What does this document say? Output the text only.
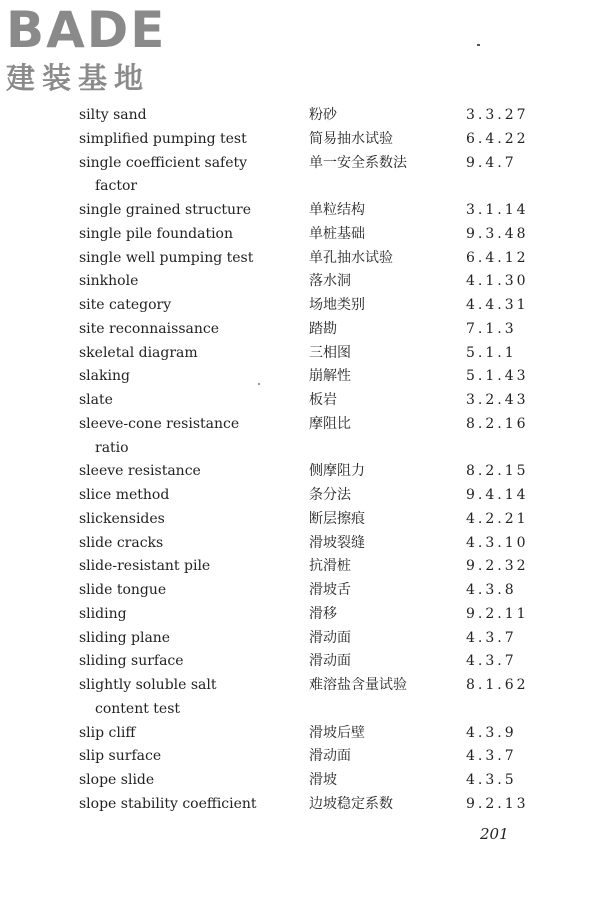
BADE
建装基地
silty sand	粉砂	3.3.27
simplified pumping test	简易抽水试验	6.4.22
single coefficient safety
factor
单一安全系数法	9.4.7
single grained structure	单粒结构	3.1.14
single pile foundation	单桩基础	9.3.48
single well pumping test	单孔抽水试验	6.4.12
sinkhole	落水洞	4.1.30
site category	场地类别	4.4.31
site reconnaissance	踏勘	7.1.3
skeletal diagram	三相图	5.1.1
slaking	崩解性	5.1.43
slate	板岩	3.2.43
sleeve-cone resistance
ratio
摩阻比	8.2.16
sleeve resistance	侧摩阻力	8.2.15
slice method	条分法	9.4.14
slickensides	断层擦痕	4.2.21
slide cracks	滑坡裂缝	4.3.10
slide-resistant pile	抗滑桩	9.2.32
slide tongue	滑坡舌	4.3.8
sliding	滑移	9.2.11
sliding plane	滑动面	4.3.7
sliding surface	滑动面	4.3.7
slightly soluble salt
content test
难溶盐含量试验	8.1.62
slip cliff	滑坡后壁	4.3.9
slip surface	滑动面	4.3.7
slope slide	滑坡	4.3.5
slope stability coefficient	边坡稳定系数	9.2.13
201
